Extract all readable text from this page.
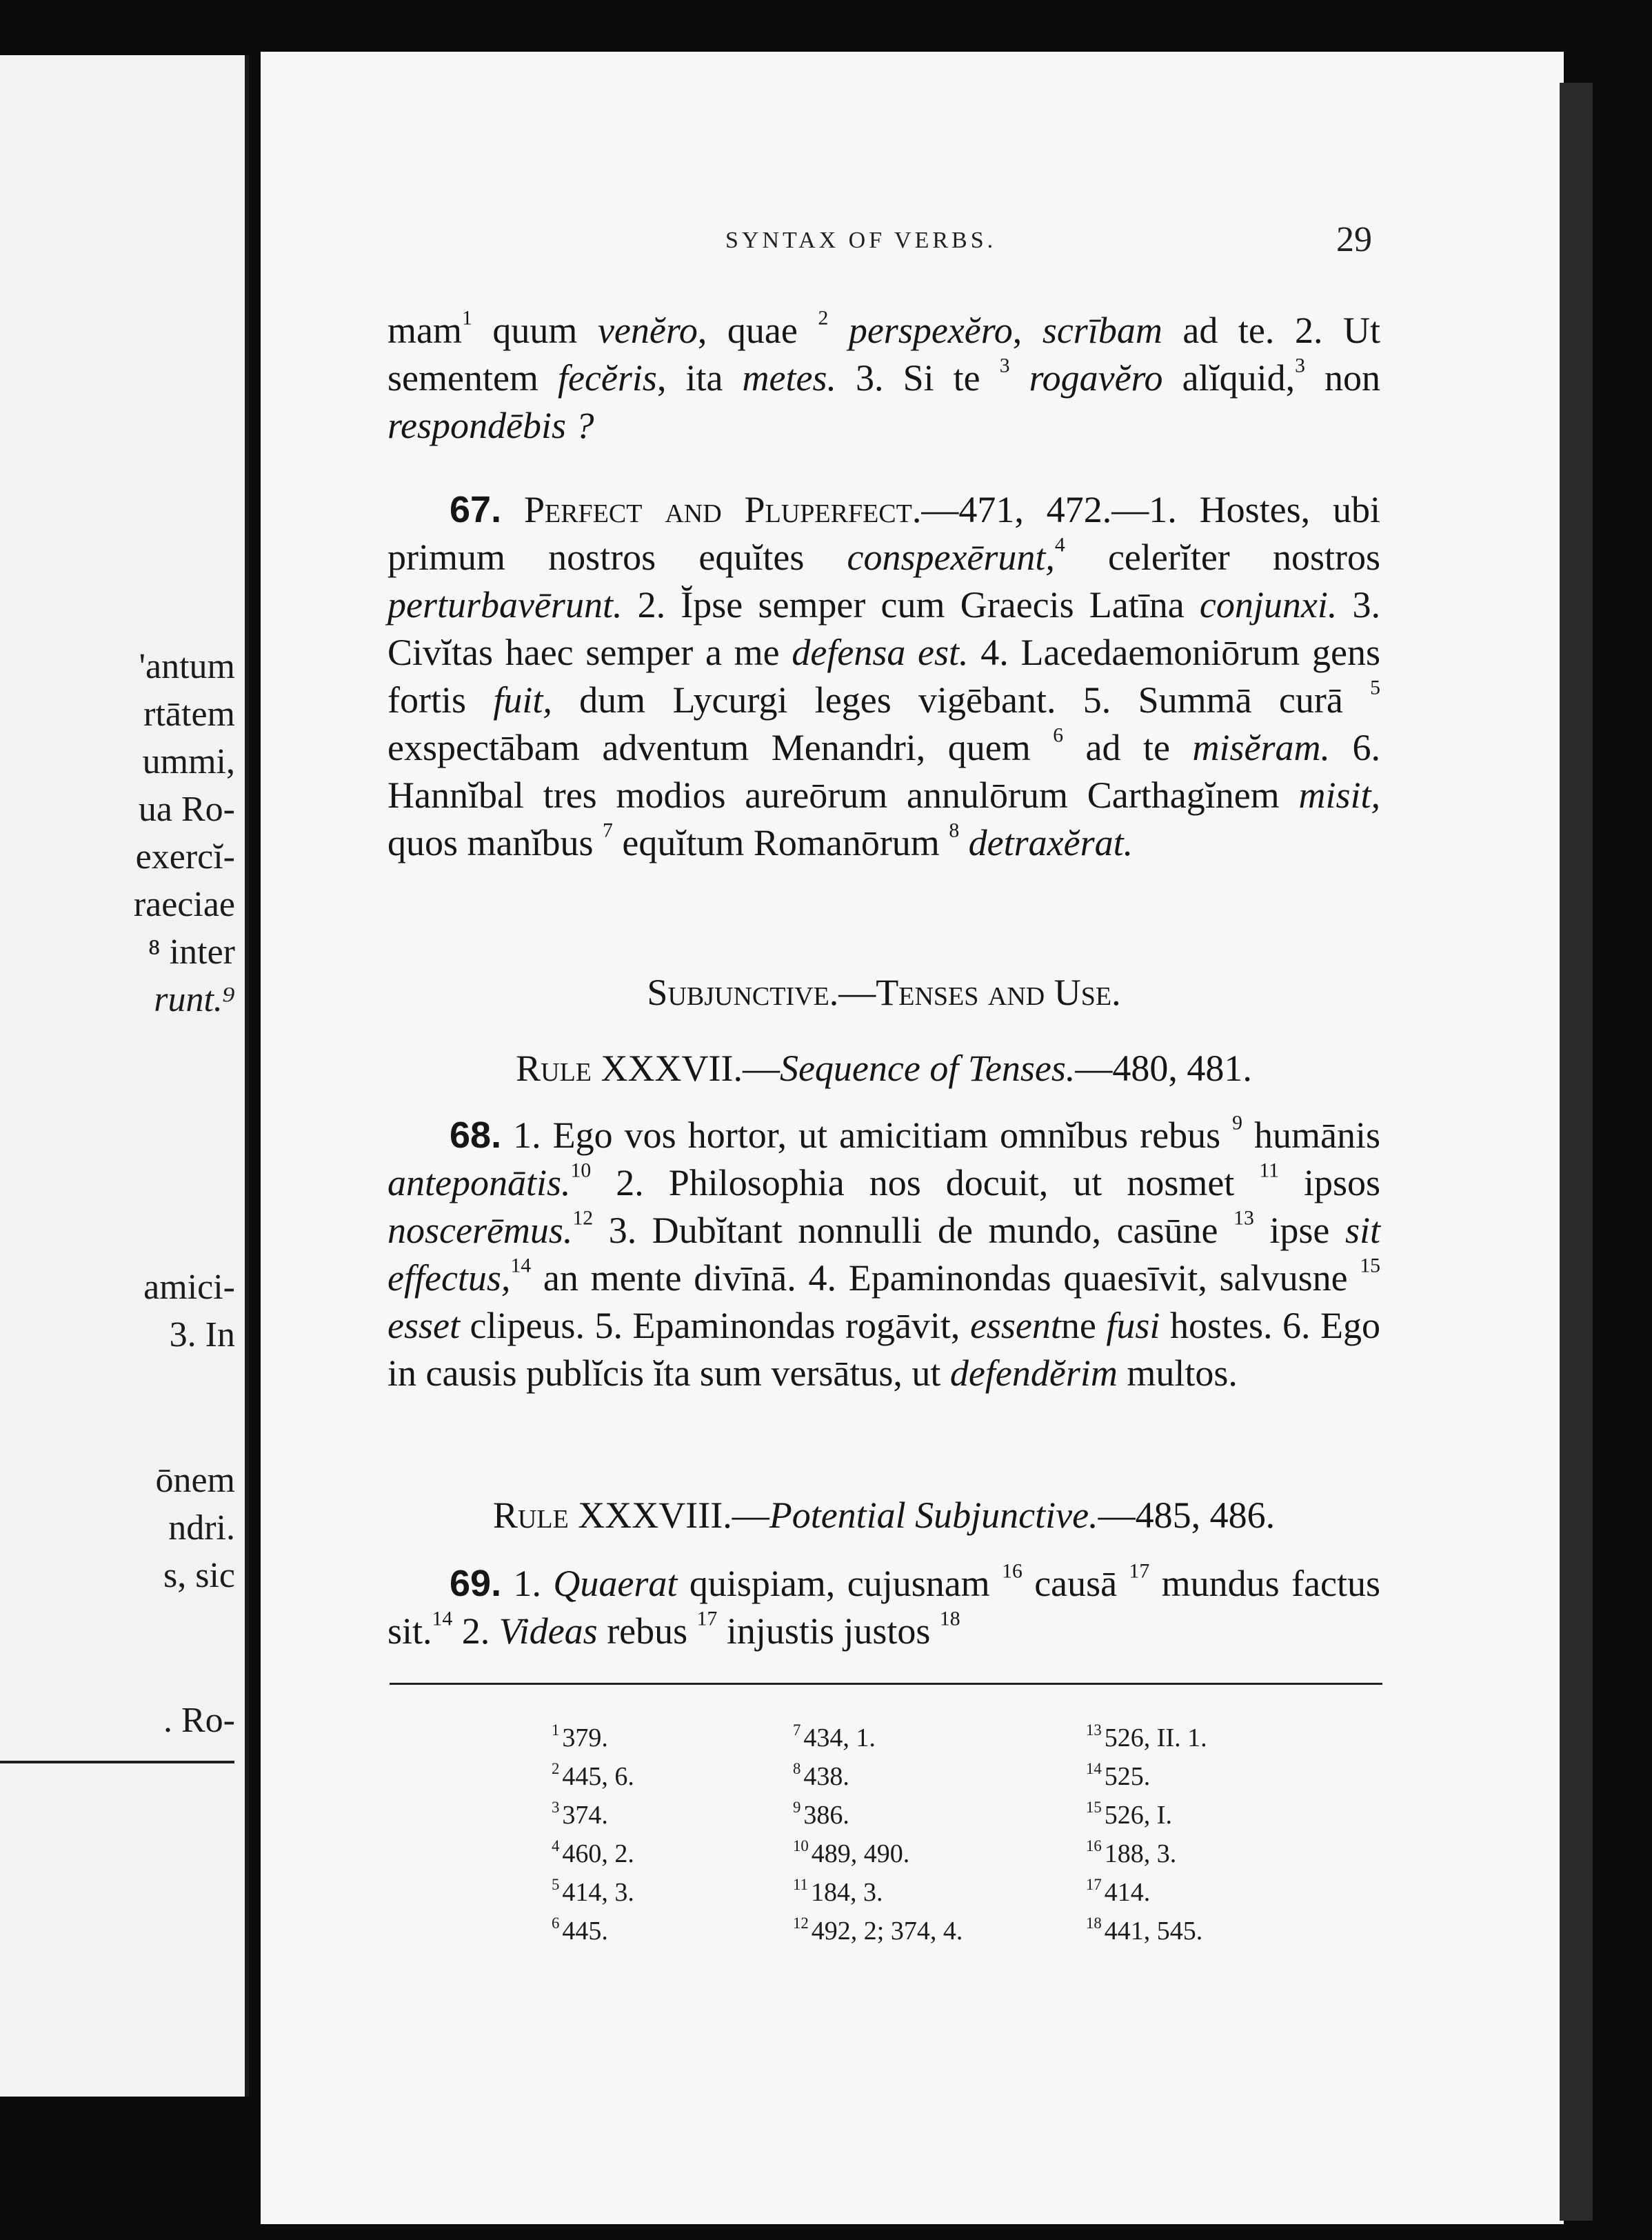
'antum
rtātem
ummi,
ua Ro-
exercĭ-
raeciae
⁸ inter
runt.⁹
amici-
3. In
ōnem
ndri.
s, sic
. Ro-
SYNTAX OF VERBS.	29

mam$^1$ quum venĕro, quae $^2$ perspexĕro, scrībam ad te. 2. Ut sementem fecĕris, ita metes. 3. Si te $^3$ rogavĕro alĭquid,$^3$ non respondēbis ?

67. Perfect and Pluperfect.—471, 472.—1. Hostes, ubi primum nostros equĭtes conspexērunt,$^4$ celerĭter nostros perturbavērunt. 2. Ĭpse semper cum Graecis Latīna conjunxi. 3. Civĭtas haec semper a me defensa est. 4. Lacedaemoniōrum gens fortis fuit, dum Lycurgi leges vigēbant. 5. Summā curā $^5$ exspectābam adventum Menandri, quem $^6$ ad te misĕram. 6. Hannĭbal tres modios aureōrum annulōrum Carthagĭnem misit, quos manĭbus $^7$ equĭtum Romanōrum $^8$ detraxĕrat.

Subjunctive.—Tenses and Use.

Rule XXXVII.—Sequence of Tenses.—480, 481.

68. 1. Ego vos hortor, ut amicitiam omnĭbus rebus $^9$ humānis anteponātis.$^{10}$ 2. Philosophia nos docuit, ut nosmet $^{11}$ ipsos noscerēmus.$^{12}$ 3. Dubĭtant nonnulli de mundo, casūne $^{13}$ ipse sit effectus,$^{14}$ an mente divīnā. 4. Epaminondas quaesīvit, salvusne $^{15}$ esset clipeus. 5. Epaminondas rogāvit, essentne fusi hostes. 6. Ego in causis publĭcis ĭta sum versātus, ut defendĕrim multos.

Rule XXXVIII.—Potential Subjunctive.—485, 486.

69. 1. Quaerat quispiam, cujusnam $^{16}$ causā $^{17}$ mundus factus sit.$^{14}$ 2. Videas rebus $^{17}$ injustis justos $^{18}$

$^1$ 379.
$^2$ 445, 6.
$^3$ 374.
$^4$ 460, 2.
$^5$ 414, 3.
$^6$ 445.
$^7$ 434, 1.
$^8$ 438.
$^9$ 386.
$^{10}$ 489, 490.
$^{11}$ 184, 3.
$^{12}$ 492, 2; 374, 4.
$^{13}$ 526, II. 1.
$^{14}$ 525.
$^{15}$ 526, I.
$^{16}$ 188, 3.
$^{17}$ 414.
$^{18}$ 441, 545.
